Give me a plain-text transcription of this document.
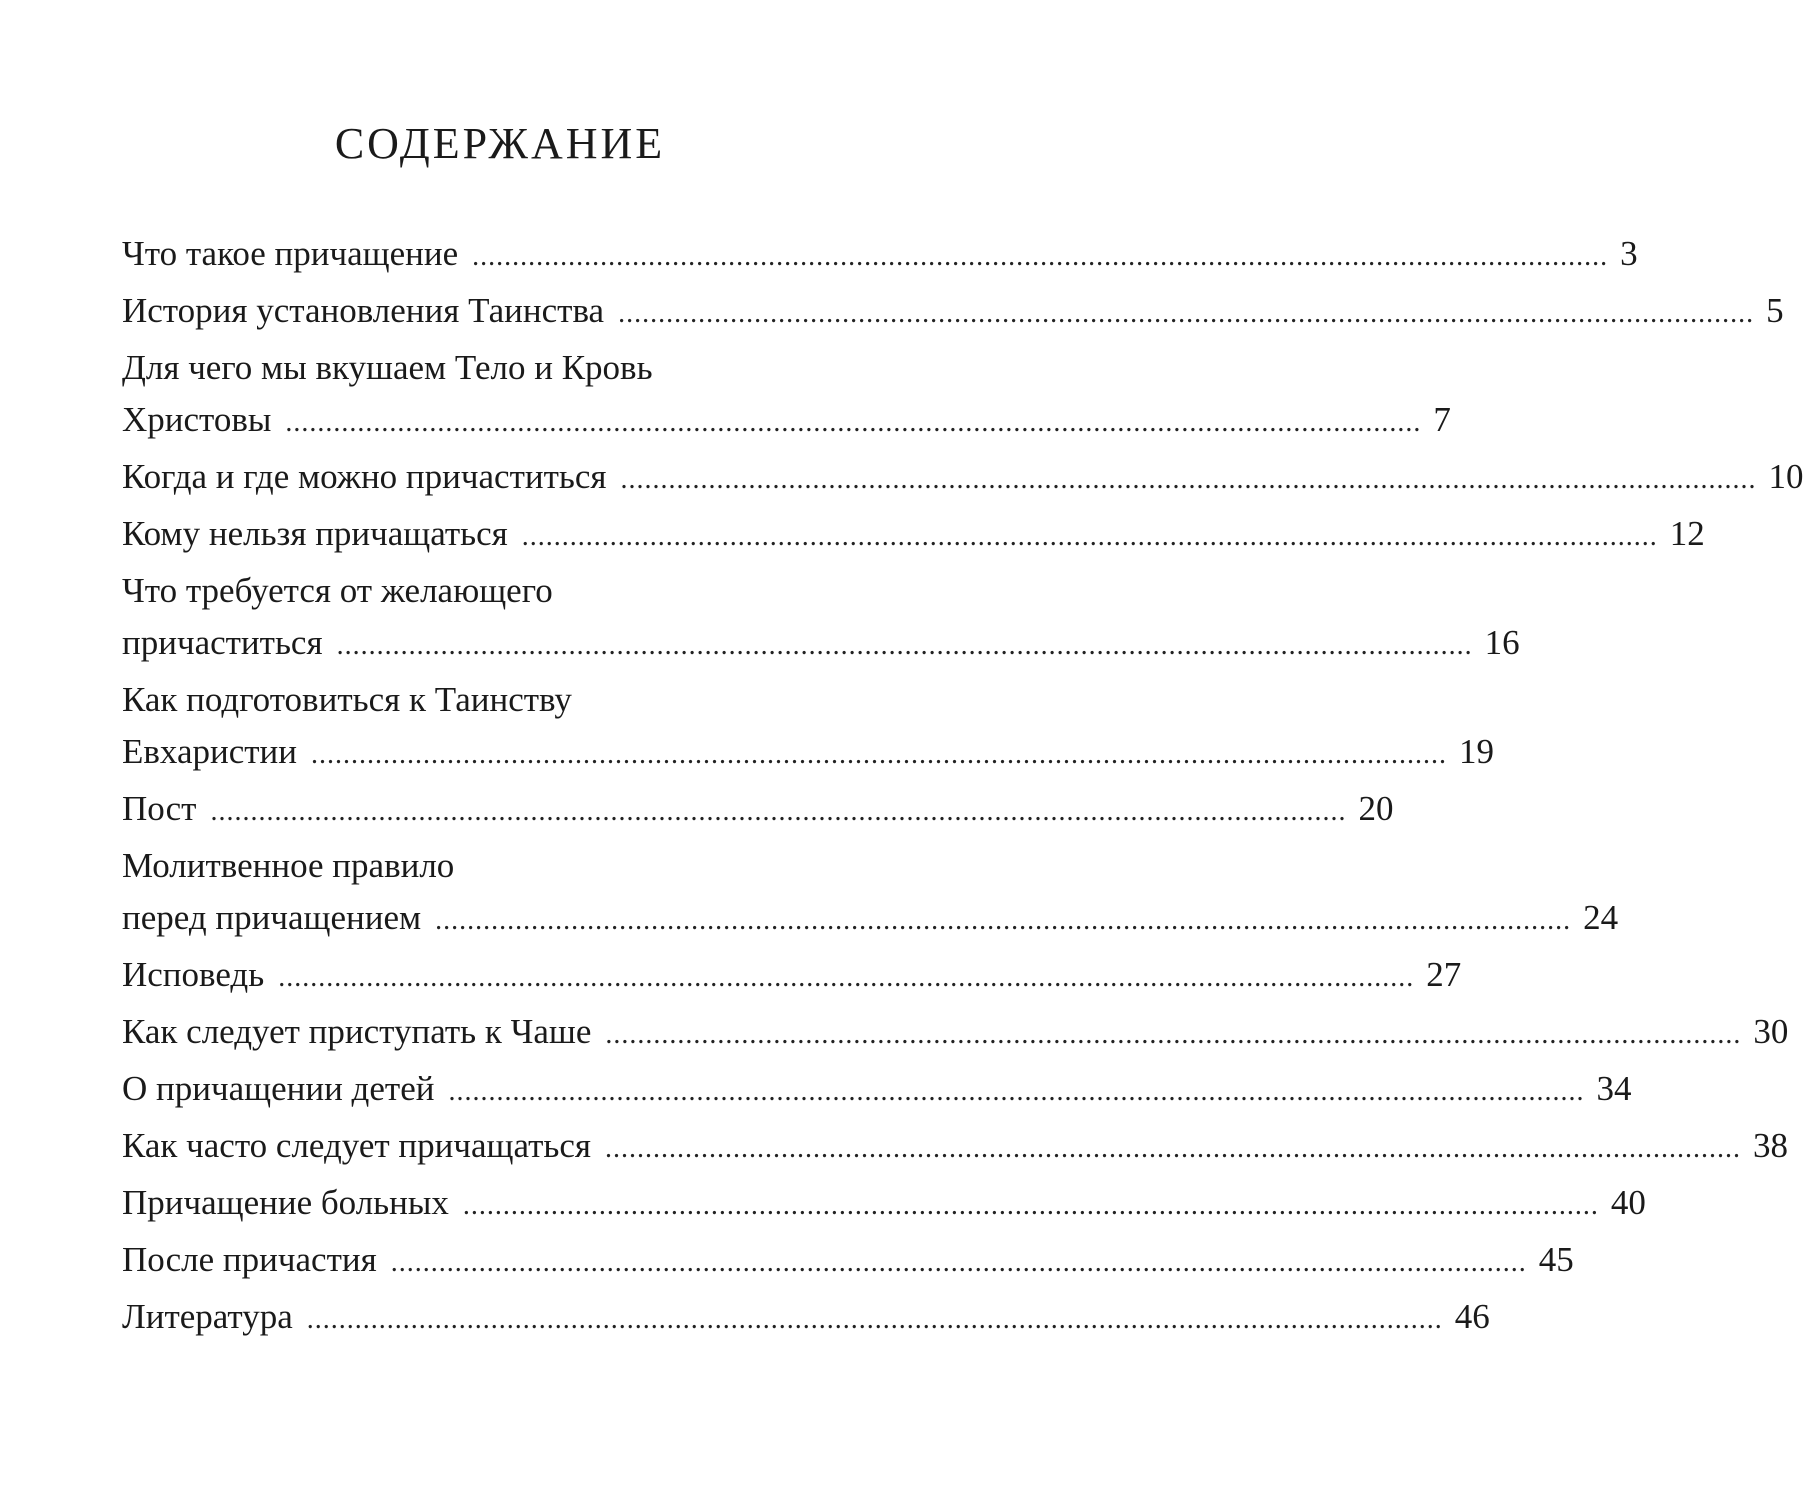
СОДЕРЖАНИЕ
Что такое причащение .............................................................................................................................................. 3
История установления Таинства .............................................................................................................................................. 5
Для чего мы вкушаем Тело и Кровь
Христовы .............................................................................................................................................. 7
Когда и где можно причаститься .............................................................................................................................................. 10
Кому нельзя причащаться .............................................................................................................................................. 12
Что требуется от желающего
причаститься .............................................................................................................................................. 16
Как подготовиться к Таинству
Евхаристии .............................................................................................................................................. 19
Пост .............................................................................................................................................. 20
Молитвенное правило
перед причащением .............................................................................................................................................. 24
Исповедь .............................................................................................................................................. 27
Как следует приступать к Чаше .............................................................................................................................................. 30
О причащении детей .............................................................................................................................................. 34
Как часто следует причащаться .............................................................................................................................................. 38
Причащение больных .............................................................................................................................................. 40
После причастия .............................................................................................................................................. 45
Литература .............................................................................................................................................. 46
